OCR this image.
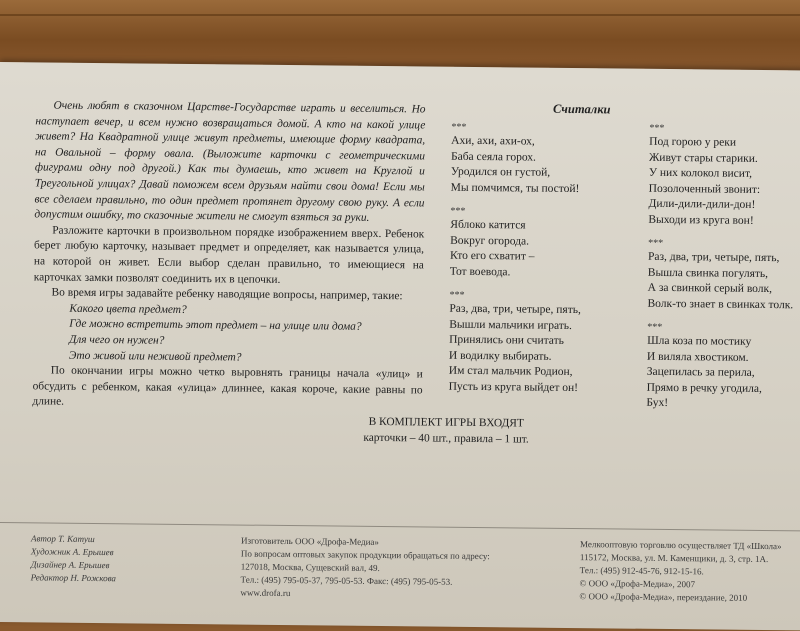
Очень любят в сказочном Царстве-Государстве играть и веселиться. Но наступает вечер, и всем нужно возвращаться домой. А кто на какой улице живет? На Квадратной улице живут предметы, имеющие форму квадрата, на Овальной – форму овала. (Выложите карточки с геометрическими фигурами одну под другой.) Как ты думаешь, кто живет на Круглой и Треугольной улицах? Давай поможем всем друзьям найти свои дома! Если мы все сделаем правильно, то один предмет протянет другому свою руку. А если допустим ошибку, то сказочные жители не смогут взяться за руки.

Разложите карточки в произвольном порядке изображением вверх. Ребенок берет любую карточку, называет предмет и определяет, как называется улица, на которой он живет. Если выбор сделан правильно, то имеющиеся на карточках замки позволят соединить их в цепочки.

Во время игры задавайте ребенку наводящие вопросы, например, такие:

Какого цвета предмет?

Где можно встретить этот предмет – на улице или дома?

Для чего он нужен?

Это живой или неживой предмет?

По окончании игры можно четко выровнять границы начала «улиц» и обсудить с ребенком, какая «улица» длиннее, какая короче, какие равны по длине.

В КОМПЛЕКТ ИГРЫ ВХОДЯТ
карточки – 40 шт., правила – 1 шт.
Считалки
***
Ахи, ахи, ахи-ох,
Баба сеяла горох.
Уродился он густой,
Мы помчимся, ты постой!
***
Яблоко катится
Вокруг огорода.
Кто его схватит –
Тот воевода.
***
Раз, два, три, четыре, пять,
Вышли мальчики играть.
Принялись они считать
И водилку выбирать.
Им стал мальчик Родион,
Пусть из круга выйдет он!
***
Под горою у реки
Живут стары старики.
У них колокол висит,
Позолоченный звонит:
Дили-дили-дили-дон!
Выходи из круга вон!
***
Раз, два, три, четыре, пять,
Вышла свинка погулять,
А за свинкой серый волк,
Волк-то знает в свинках толк.
***
Шла коза по мостику
И виляла хвостиком.
Зацепилась за перила,
Прямо в речку угодила,
Бух!
Автор Т. Катуш
Художник А. Ерышев
Дизайнер А. Ерышев
Редактор Н. Рожкова
Изготовитель ООО «Дрофа-Медиа»
По вопросам оптовых закупок продукции обращаться по адресу:
127018, Москва, Сущевский вал, 49.
Тел.: (495) 795-05-37, 795-05-53. Факс: (495) 795-05-53.
www.drofa.ru
Мелкооптовую торговлю осуществляет ТД «Школа»
115172, Москва, ул. М. Каменщики, д. 3, стр. 1А.
Тел.: (495) 912-45-76, 912-15-16.
© ООО «Дрофа-Медиа», 2007
© ООО «Дрофа-Медиа», переиздание, 2010
